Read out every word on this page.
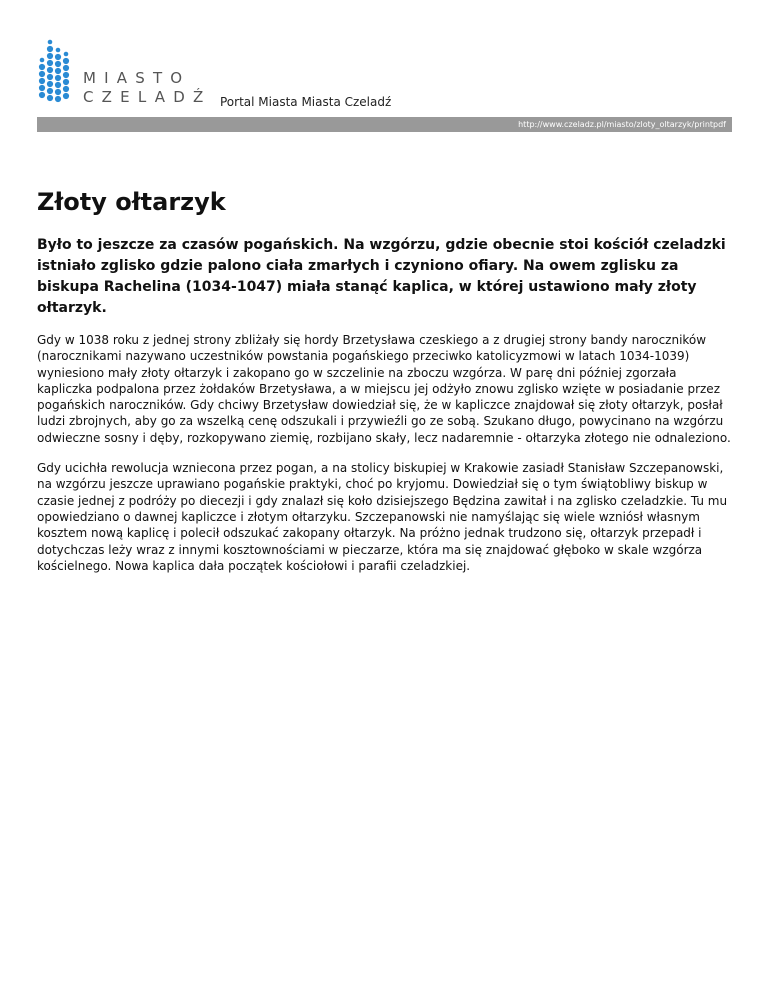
MIASTO
CZELADŹ Portal Miasta Miasta Czeladź
http://www.czeladz.pl/miasto/zloty_oltarzyk/printpdf
Złoty ołtarzyk

Było to jeszcze za czasów pogańskich. Na wzgórzu, gdzie obecnie stoi kościół czeladzki istniało zglisko gdzie palono ciała zmarłych i czyniono ofiary. Na owem zglisku za biskupa Rachelina (1034-1047) miała stanąć kaplica, w której ustawiono mały złoty ołtarzyk.

Gdy w 1038 roku z jednej strony zbliżały się hordy Brzetysława czeskiego a z drugiej strony bandy naroczników (narocznikami nazywano uczestników powstania pogańskiego przeciwko katolicyzmowi w latach 1034-1039) wyniesiono mały złoty ołtarzyk i zakopano go w szczelinie na zboczu wzgórza. W parę dni później zgorzała kapliczka podpalona przez żołdaków Brzetysława, a w miejscu jej odżyło znowu zglisko wzięte w posiadanie przez pogańskich naroczników. Gdy chciwy Brzetysław dowiedział się, że w kapliczce znajdował się złoty ołtarzyk, posłał ludzi zbrojnych, aby go za wszelką cenę odszukali i przywieźli go ze sobą. Szukano długo, powycinano na wzgórzu odwieczne sosny i dęby, rozkopywano ziemię, rozbijano skały, lecz nadaremnie - ołtarzyka złotego nie odnaleziono.

Gdy ucichła rewolucja wzniecona przez pogan, a na stolicy biskupiej w Krakowie zasiadł Stanisław Szczepanowski, na wzgórzu jeszcze uprawiano pogańskie praktyki, choć po kryjomu. Dowiedział się o tym świątobliwy biskup w czasie jednej z podróży po diecezji i gdy znalazł się koło dzisiejszego Będzina zawitał i na zglisko czeladzkie. Tu mu opowiedziano o dawnej kapliczce i złotym ołtarzyku. Szczepanowski nie namyślając się wiele wzniósł własnym kosztem nową kaplicę i polecił odszukać zakopany ołtarzyk. Na próżno jednak trudzono się, ołtarzyk przepadł i dotychczas leży wraz z innymi kosztownościami w pieczarze, która ma się znajdować głęboko w skale wzgórza kościelnego. Nowa kaplica dała początek kościołowi i parafii czeladzkiej.
